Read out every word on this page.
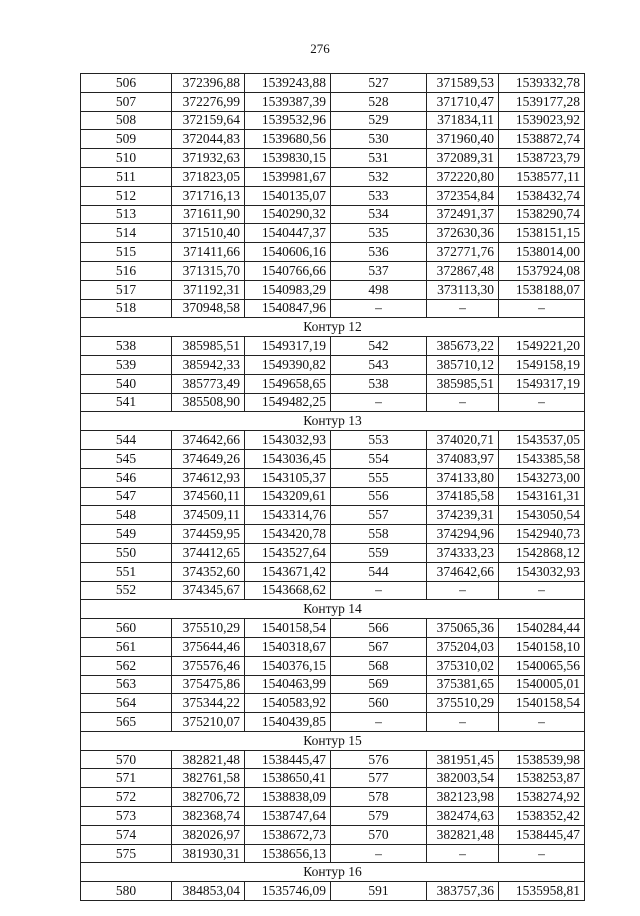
276
506	372396,88	1539243,88	527	371589,53	1539332,78
507	372276,99	1539387,39	528	371710,47	1539177,28
508	372159,64	1539532,96	529	371834,11	1539023,92
509	372044,83	1539680,56	530	371960,40	1538872,74
510	371932,63	1539830,15	531	372089,31	1538723,79
511	371823,05	1539981,67	532	372220,80	1538577,11
512	371716,13	1540135,07	533	372354,84	1538432,74
513	371611,90	1540290,32	534	372491,37	1538290,74
514	371510,40	1540447,37	535	372630,36	1538151,15
515	371411,66	1540606,16	536	372771,76	1538014,00
516	371315,70	1540766,66	537	372867,48	1537924,08
517	371192,31	1540983,29	498	373113,30	1538188,07
518	370948,58	1540847,96	–	–	–
Контур 12					
538	385985,51	1549317,19	542	385673,22	1549221,20
539	385942,33	1549390,82	543	385710,12	1549158,19
540	385773,49	1549658,65	538	385985,51	1549317,19
541	385508,90	1549482,25	–	–	–
Контур 13					
544	374642,66	1543032,93	553	374020,71	1543537,05
545	374649,26	1543036,45	554	374083,97	1543385,58
546	374612,93	1543105,37	555	374133,80	1543273,00
547	374560,11	1543209,61	556	374185,58	1543161,31
548	374509,11	1543314,76	557	374239,31	1543050,54
549	374459,95	1543420,78	558	374294,96	1542940,73
550	374412,65	1543527,64	559	374333,23	1542868,12
551	374352,60	1543671,42	544	374642,66	1543032,93
552	374345,67	1543668,62	–	–	–
Контур 14					
560	375510,29	1540158,54	566	375065,36	1540284,44
561	375644,46	1540318,67	567	375204,03	1540158,10
562	375576,46	1540376,15	568	375310,02	1540065,56
563	375475,86	1540463,99	569	375381,65	1540005,01
564	375344,22	1540583,92	560	375510,29	1540158,54
565	375210,07	1540439,85	–	–	–
Контур 15					
570	382821,48	1538445,47	576	381951,45	1538539,98
571	382761,58	1538650,41	577	382003,54	1538253,87
572	382706,72	1538838,09	578	382123,98	1538274,92
573	382368,74	1538747,64	579	382474,63	1538352,42
574	382026,97	1538672,73	570	382821,48	1538445,47
575	381930,31	1538656,13	–	–	–
Контур 16					
580	384853,04	1535746,09	591	383757,36	1535958,81
